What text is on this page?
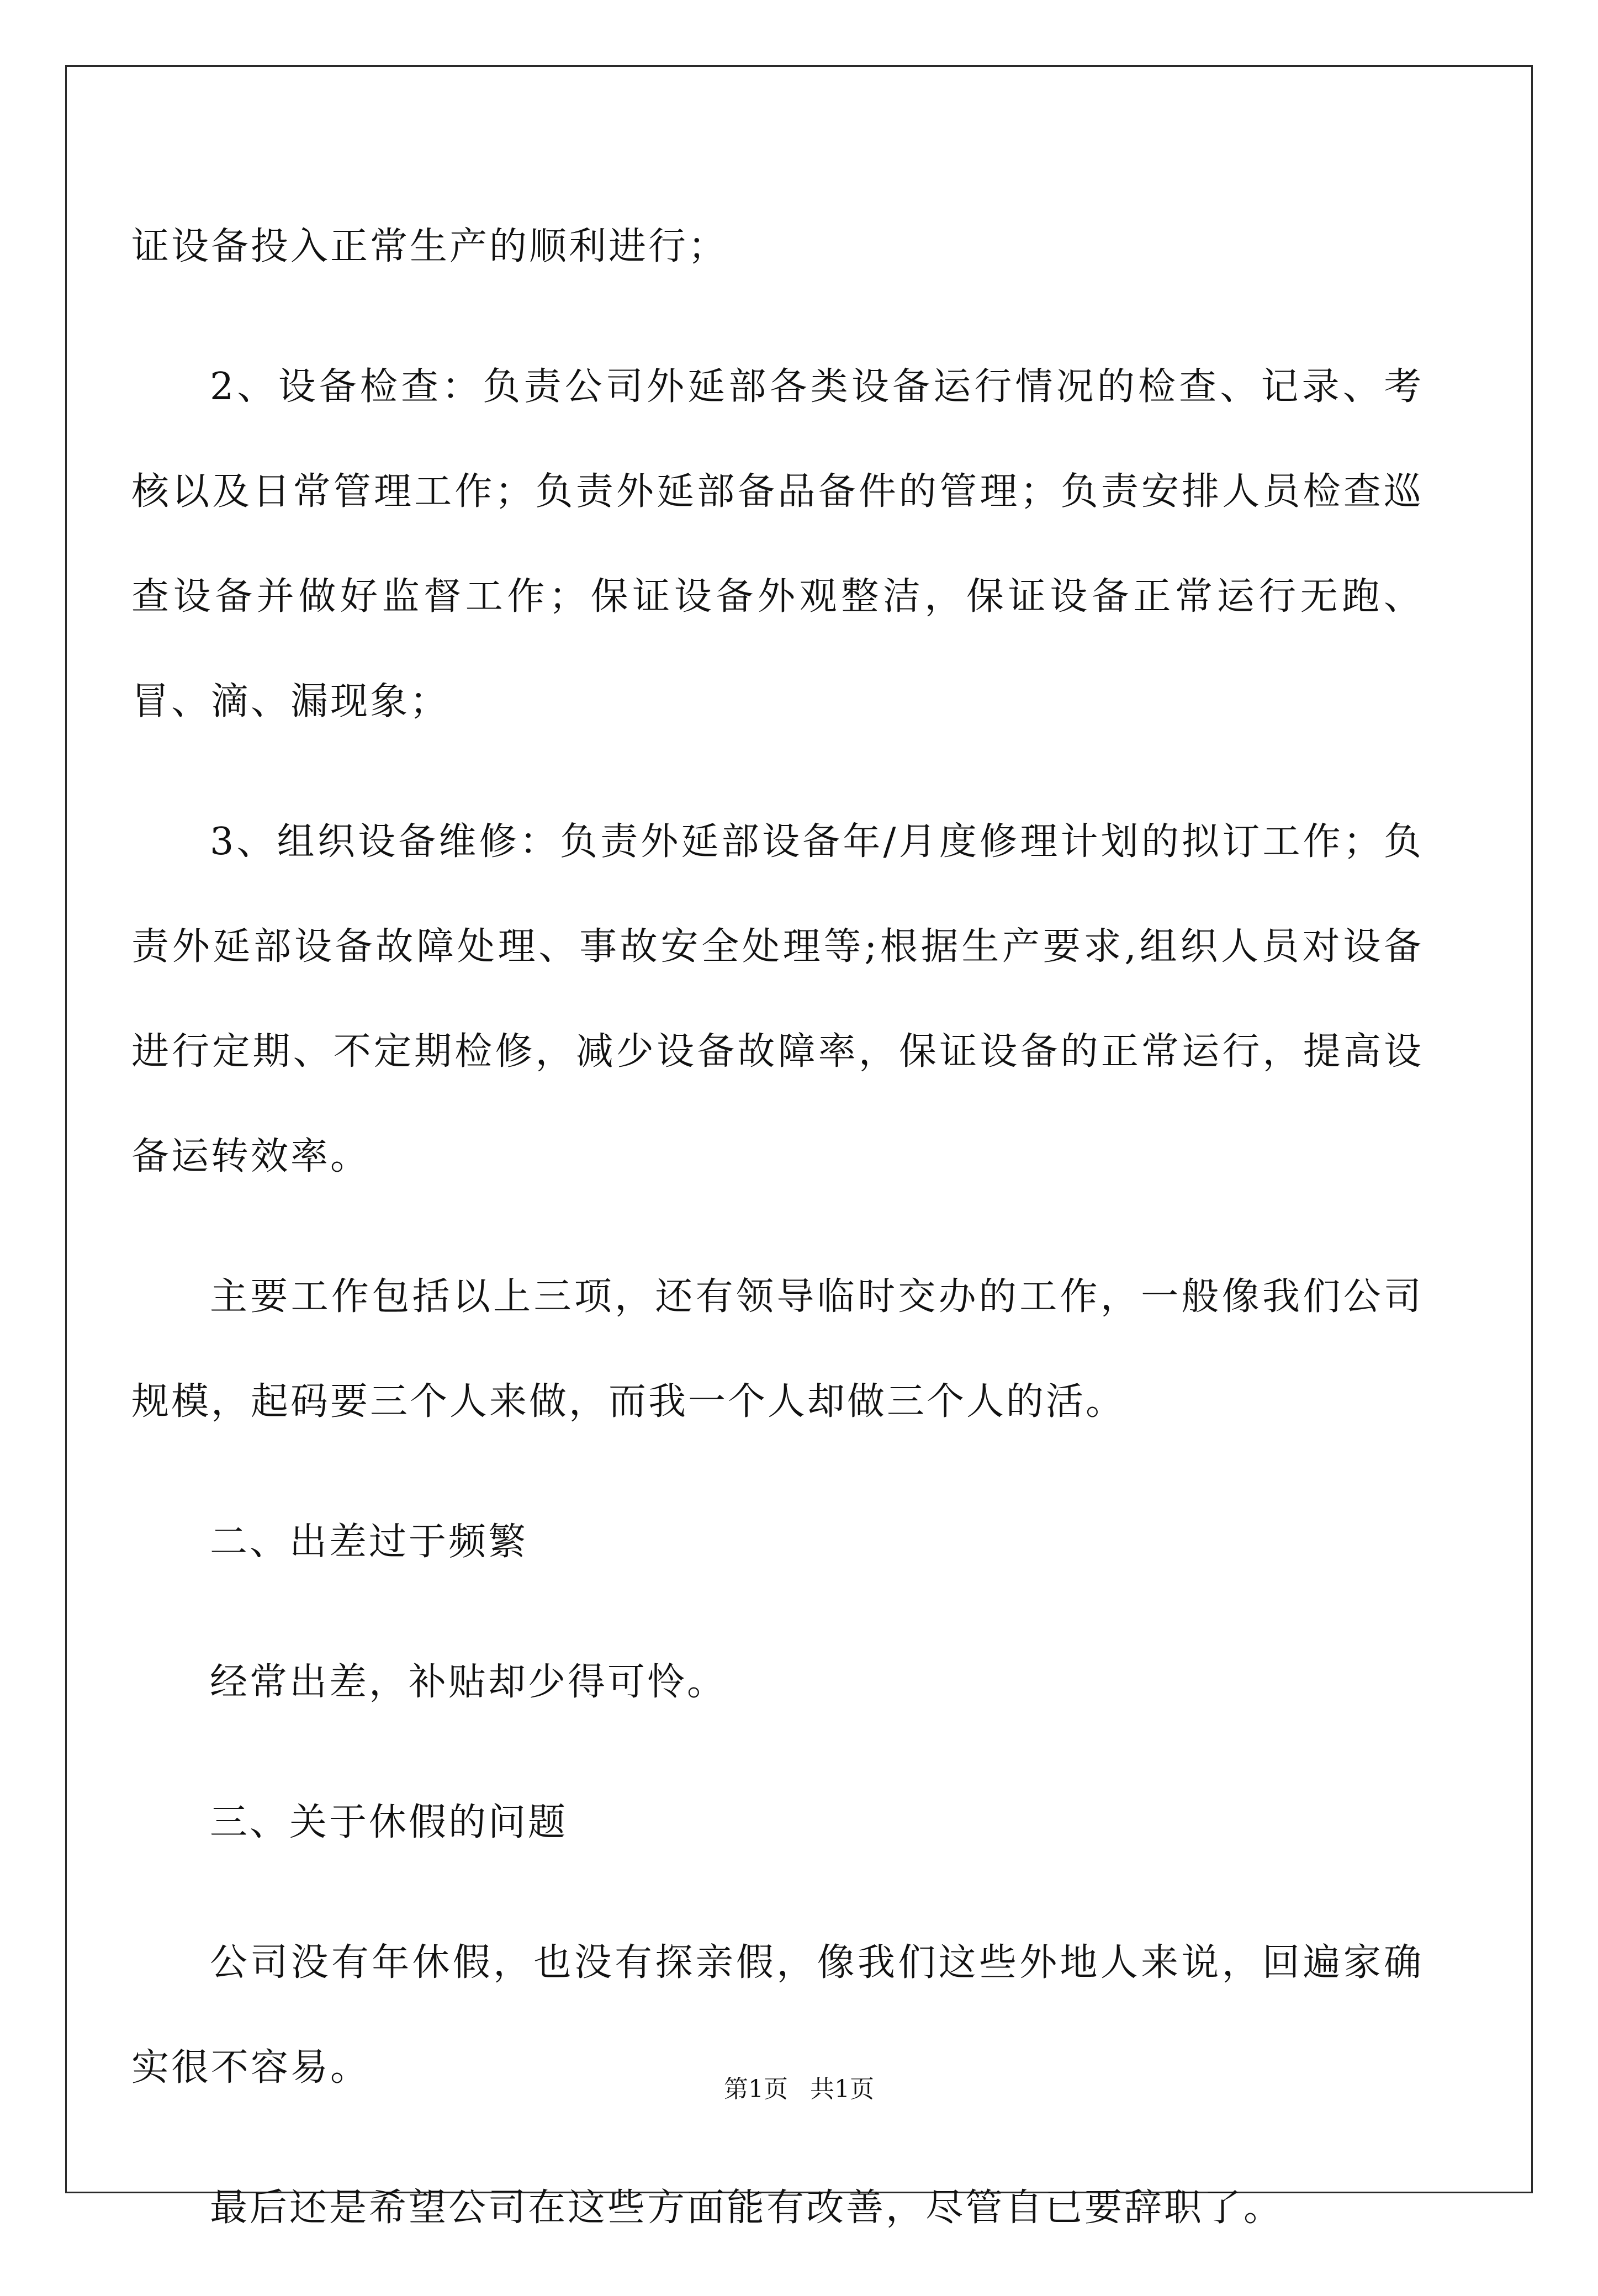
证设备投入正常生产的顺利进行；

2、设备检查：负责公司外延部各类设备运行情况的检查、记录、考核以及日常管理工作；负责外延部备品备件的管理；负责安排人员检查巡查设备并做好监督工作；保证设备外观整洁，保证设备正常运行无跑、冒、滴、漏现象；

3、组织设备维修：负责外延部设备年/月度修理计划的拟订工作；负责外延部设备故障处理、事故安全处理等;根据生产要求,组织人员对设备进行定期、不定期检修，减少设备故障率，保证设备的正常运行，提高设备运转效率。

主要工作包括以上三项，还有领导临时交办的工作，一般像我们公司规模，起码要三个人来做，而我一个人却做三个人的活。

二、出差过于频繁

经常出差，补贴却少得可怜。

三、关于休假的问题

公司没有年休假，也没有探亲假，像我们这些外地人来说，回遍家确实很不容易。

最后还是希望公司在这些方面能有改善，尽管自已要辞职了。

第1页 共1页
